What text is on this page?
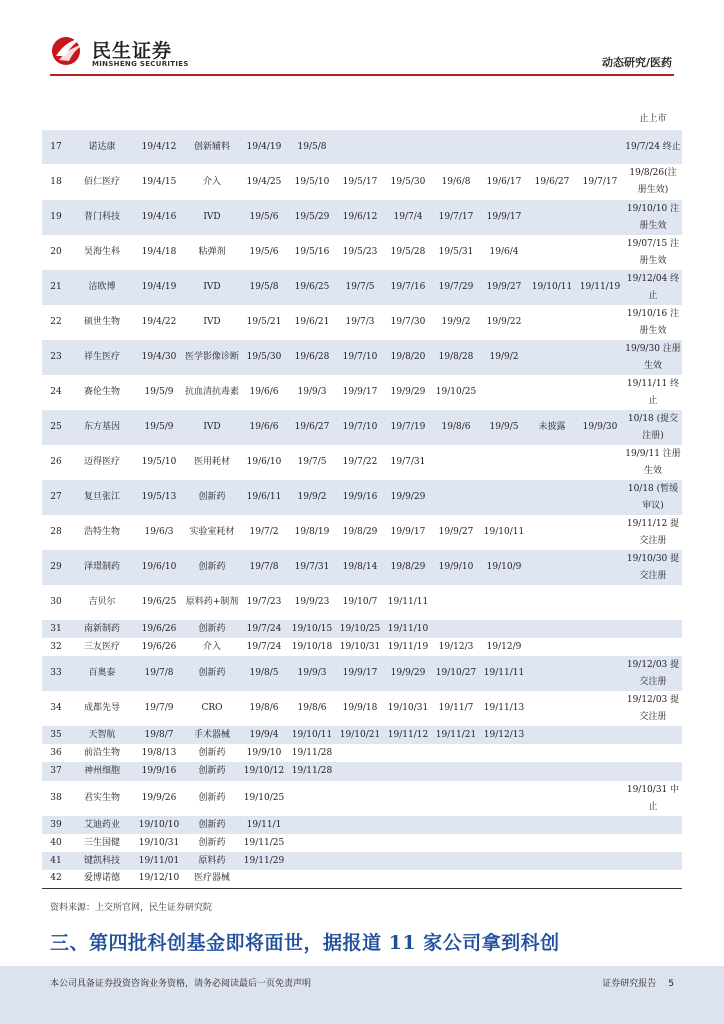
民生证券
MINSHENG SECURITIES	动态研究/医药
												止上市
17	诺达康	19/4/12	创新辅料	19/4/19	19/5/8							19/7/24 终止
18	佰仁医疗	19/4/15	介入	19/4/25	19/5/10	19/5/17	19/5/30	19/6/8	19/6/17	19/6/27	19/7/17	19/8/26(注册生效)
19	普门科技	19/4/16	IVD	19/5/6	19/5/29	19/6/12	19/7/4	19/7/17	19/9/17			19/10/10 注册生效
20	昊海生科	19/4/18	粘弹剂	19/5/6	19/5/16	19/5/23	19/5/28	19/5/31	19/6/4			19/07/15 注册生效
21	洁欧博	19/4/19	IVD	19/5/8	19/6/25	19/7/5	19/7/16	19/7/29	19/9/27	19/10/11	19/11/19	19/12/04 终止
22	硕世生物	19/4/22	IVD	19/5/21	19/6/21	19/7/3	19/7/30	19/9/2	19/9/22			19/10/16 注册生效
23	祥生医疗	19/4/30	医学影像诊断	19/5/30	19/6/28	19/7/10	19/8/20	19/8/28	19/9/2			19/9/30 注册生效
24	赛伦生物	19/5/9	抗血清抗毒素	19/6/6	19/9/3	19/9/17	19/9/29	19/10/25				19/11/11 终止
25	东方基因	19/5/9	IVD	19/6/6	19/6/27	19/7/10	19/7/19	19/8/6	19/9/5	未披露	19/9/30	10/18 (提交注册)
26	迈得医疗	19/5/10	医用耗材	19/6/10	19/7/5	19/7/22	19/7/31					19/9/11 注册生效
27	复旦张江	19/5/13	创新药	19/6/11	19/9/2	19/9/16	19/9/29					10/18 (暂缓审议)
28	浩特生物	19/6/3	实验室耗材	19/7/2	19/8/19	19/8/29	19/9/17	19/9/27	19/10/11			19/11/12 提交注册
29	泽璟制药	19/6/10	创新药	19/7/8	19/7/31	19/8/14	19/8/29	19/9/10	19/10/9			19/10/30 提交注册
30	吉贝尔	19/6/25	原料药+制剂	19/7/23	19/9/23	19/10/7	19/11/11					
31	南新制药	19/6/26	创新药	19/7/24	19/10/15	19/10/25	19/11/10					
32	三友医疗	19/6/26	介入	19/7/24	19/10/18	19/10/31	19/11/19	19/12/3	19/12/9			
33	百奥泰	19/7/8	创新药	19/8/5	19/9/3	19/9/17	19/9/29	19/10/27	19/11/11			19/12/03 提交注册
34	成都先导	19/7/9	CRO	19/8/6	19/8/6	19/9/18	19/10/31	19/11/7	19/11/13			19/12/03 提交注册
35	天智航	19/8/7	手术器械	19/9/4	19/10/11	19/10/21	19/11/12	19/11/21	19/12/13			
36	前沿生物	19/8/13	创新药	19/9/10	19/11/28							
37	神州细胞	19/9/16	创新药	19/10/12	19/11/28							
38	君实生物	19/9/26	创新药	19/10/25								19/10/31 中止
39	艾迪药业	19/10/10	创新药	19/11/1								
40	三生国健	19/10/31	创新药	19/11/25								
41	键凯科技	19/11/01	原料药	19/11/29								
42	爱博诺德	19/12/10	医疗器械									
资料来源：上交所官网，民生证券研究院
三、第四批科创基金即将面世，据报道 11 家公司拿到科创
本公司具备证券投资咨询业务资格，请务必阅读最后一页免责声明	证券研究报告 5
